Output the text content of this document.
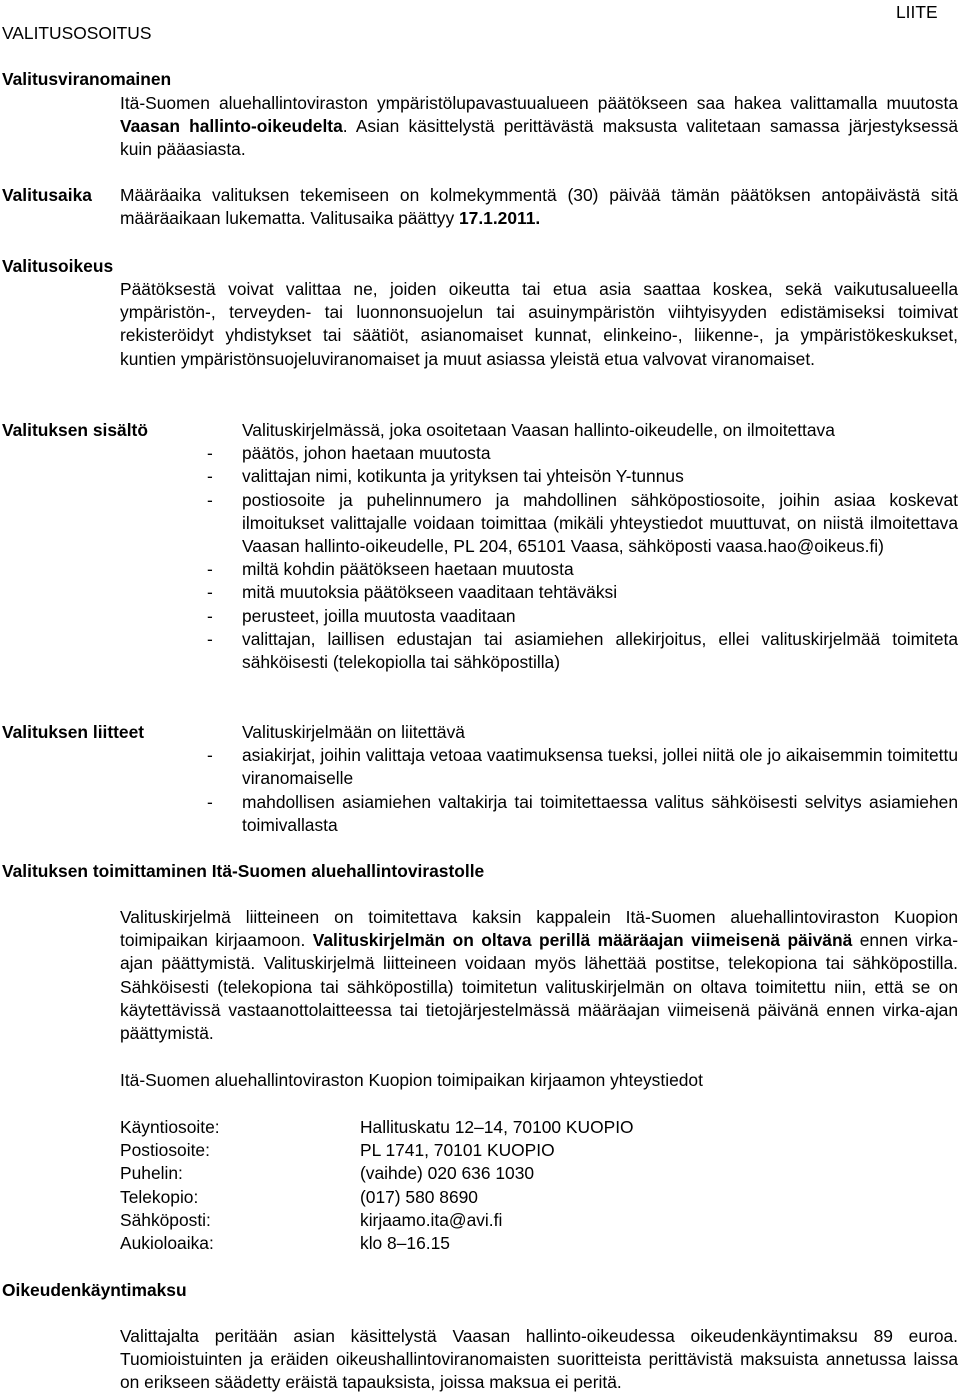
VALITUSOSOITUS
LIITE
Valitusviranomainen
Itä-Suomen aluehallintoviraston ympäristölupavastuualueen päätökseen saa hakea valittamalla muutosta Vaasan hallinto-oikeudelta. Asian käsittelystä perittävästä maksusta valitetaan samassa järjestyksessä kuin pääasiasta.
Valitusaika Määräaika valituksen tekemiseen on kolmekymmentä (30) päivää tämän päätöksen antopäivästä sitä määräaikaan lukematta. Valitusaika päättyy 17.1.2011.
Valitusoikeus
Päätöksestä voivat valittaa ne, joiden oikeutta tai etua asia saattaa koskea, sekä vaikutusalueella ympäristön-, terveyden- tai luonnonsuojelun tai asuinympäristön viihtyisyyden edistämiseksi toimivat rekisteröidyt yhdistykset tai säätiöt, asianomaiset kunnat, elinkeino-, liikenne-, ja ympäristökeskukset, kuntien ympäristönsuojeluviranomaiset ja muut asiassa yleistä etua valvovat viranomaiset.
Valituksen sisältö	Valituskirjelmässä, joka osoitetaan Vaasan hallinto-oikeudelle, on ilmoitettava
- päätös, johon haetaan muutosta
- valittajan nimi, kotikunta ja yrityksen tai yhteisön Y-tunnus
- postiosoite ja puhelinnumero ja mahdollinen sähköpostiosoite, joihin asiaa koskevat ilmoitukset valittajalle voidaan toimittaa (mikäli yhteystiedot muuttuvat, on niistä ilmoitettava Vaasan hallinto-oikeudelle, PL 204, 65101 Vaasa, sähköposti vaasa.hao@oikeus.fi)
- miltä kohdin päätökseen haetaan muutosta
- mitä muutoksia päätökseen vaaditaan tehtäväksi
- perusteet, joilla muutosta vaaditaan
- valittajan, laillisen edustajan tai asiamiehen allekirjoitus, ellei valituskirjelmää toimiteta sähköisesti (telekopiolla tai sähköpostilla)
Valituksen liitteet	Valituskirjelmään on liitettävä
- asiakirjat, joihin valittaja vetoaa vaatimuksensa tueksi, jollei niitä ole jo aikaisemmin toimitettu viranomaiselle
- mahdollisen asiamiehen valtakirja tai toimitettaessa valitus sähköisesti selvitys asiamiehen toimivallasta
Valituksen toimittaminen Itä-Suomen aluehallintovirastolle
Valituskirjelmä liitteineen on toimitettava kaksin kappalein Itä-Suomen aluehallintoviraston Kuopion toimipaikan kirjaamoon. Valituskirjelmän on oltava perillä määräajan viimeisenä päivänä ennen virka-ajan päättymistä. Valituskirjelmä liitteineen voidaan myös lähettää postitse, telekopiona tai sähköpostilla. Sähköisesti (telekopiona tai sähköpostilla) toimitetun valituskirjelmän on oltava toimitettu niin, että se on käytettävissä vastaanottolaitteessa tai tietojärjestelmässä määräajan viimeisenä päivänä ennen virka-ajan päättymistä.
Itä-Suomen aluehallintoviraston Kuopion toimipaikan kirjaamon yhteystiedot
Käyntiosoite:	Hallituskatu 12–14, 70100 KUOPIO
Postiosoite:	PL 1741, 70101 KUOPIO
Puhelin:	(vaihde) 020 636 1030
Telekopio:	(017) 580 8690
Sähköposti:	kirjaamo.ita@avi.fi
Aukioloaika:	klo 8–16.15
Oikeudenkäyntimaksu
Valittajalta peritään asian käsittelystä Vaasan hallinto-oikeudessa oikeudenkäyntimaksu 89 euroa. Tuomioistuinten ja eräiden oikeushallintoviranomaisten suoritteista perittävistä maksuista annetussa laissa on erikseen säädetty eräistä tapauksista, joissa maksua ei peritä.
